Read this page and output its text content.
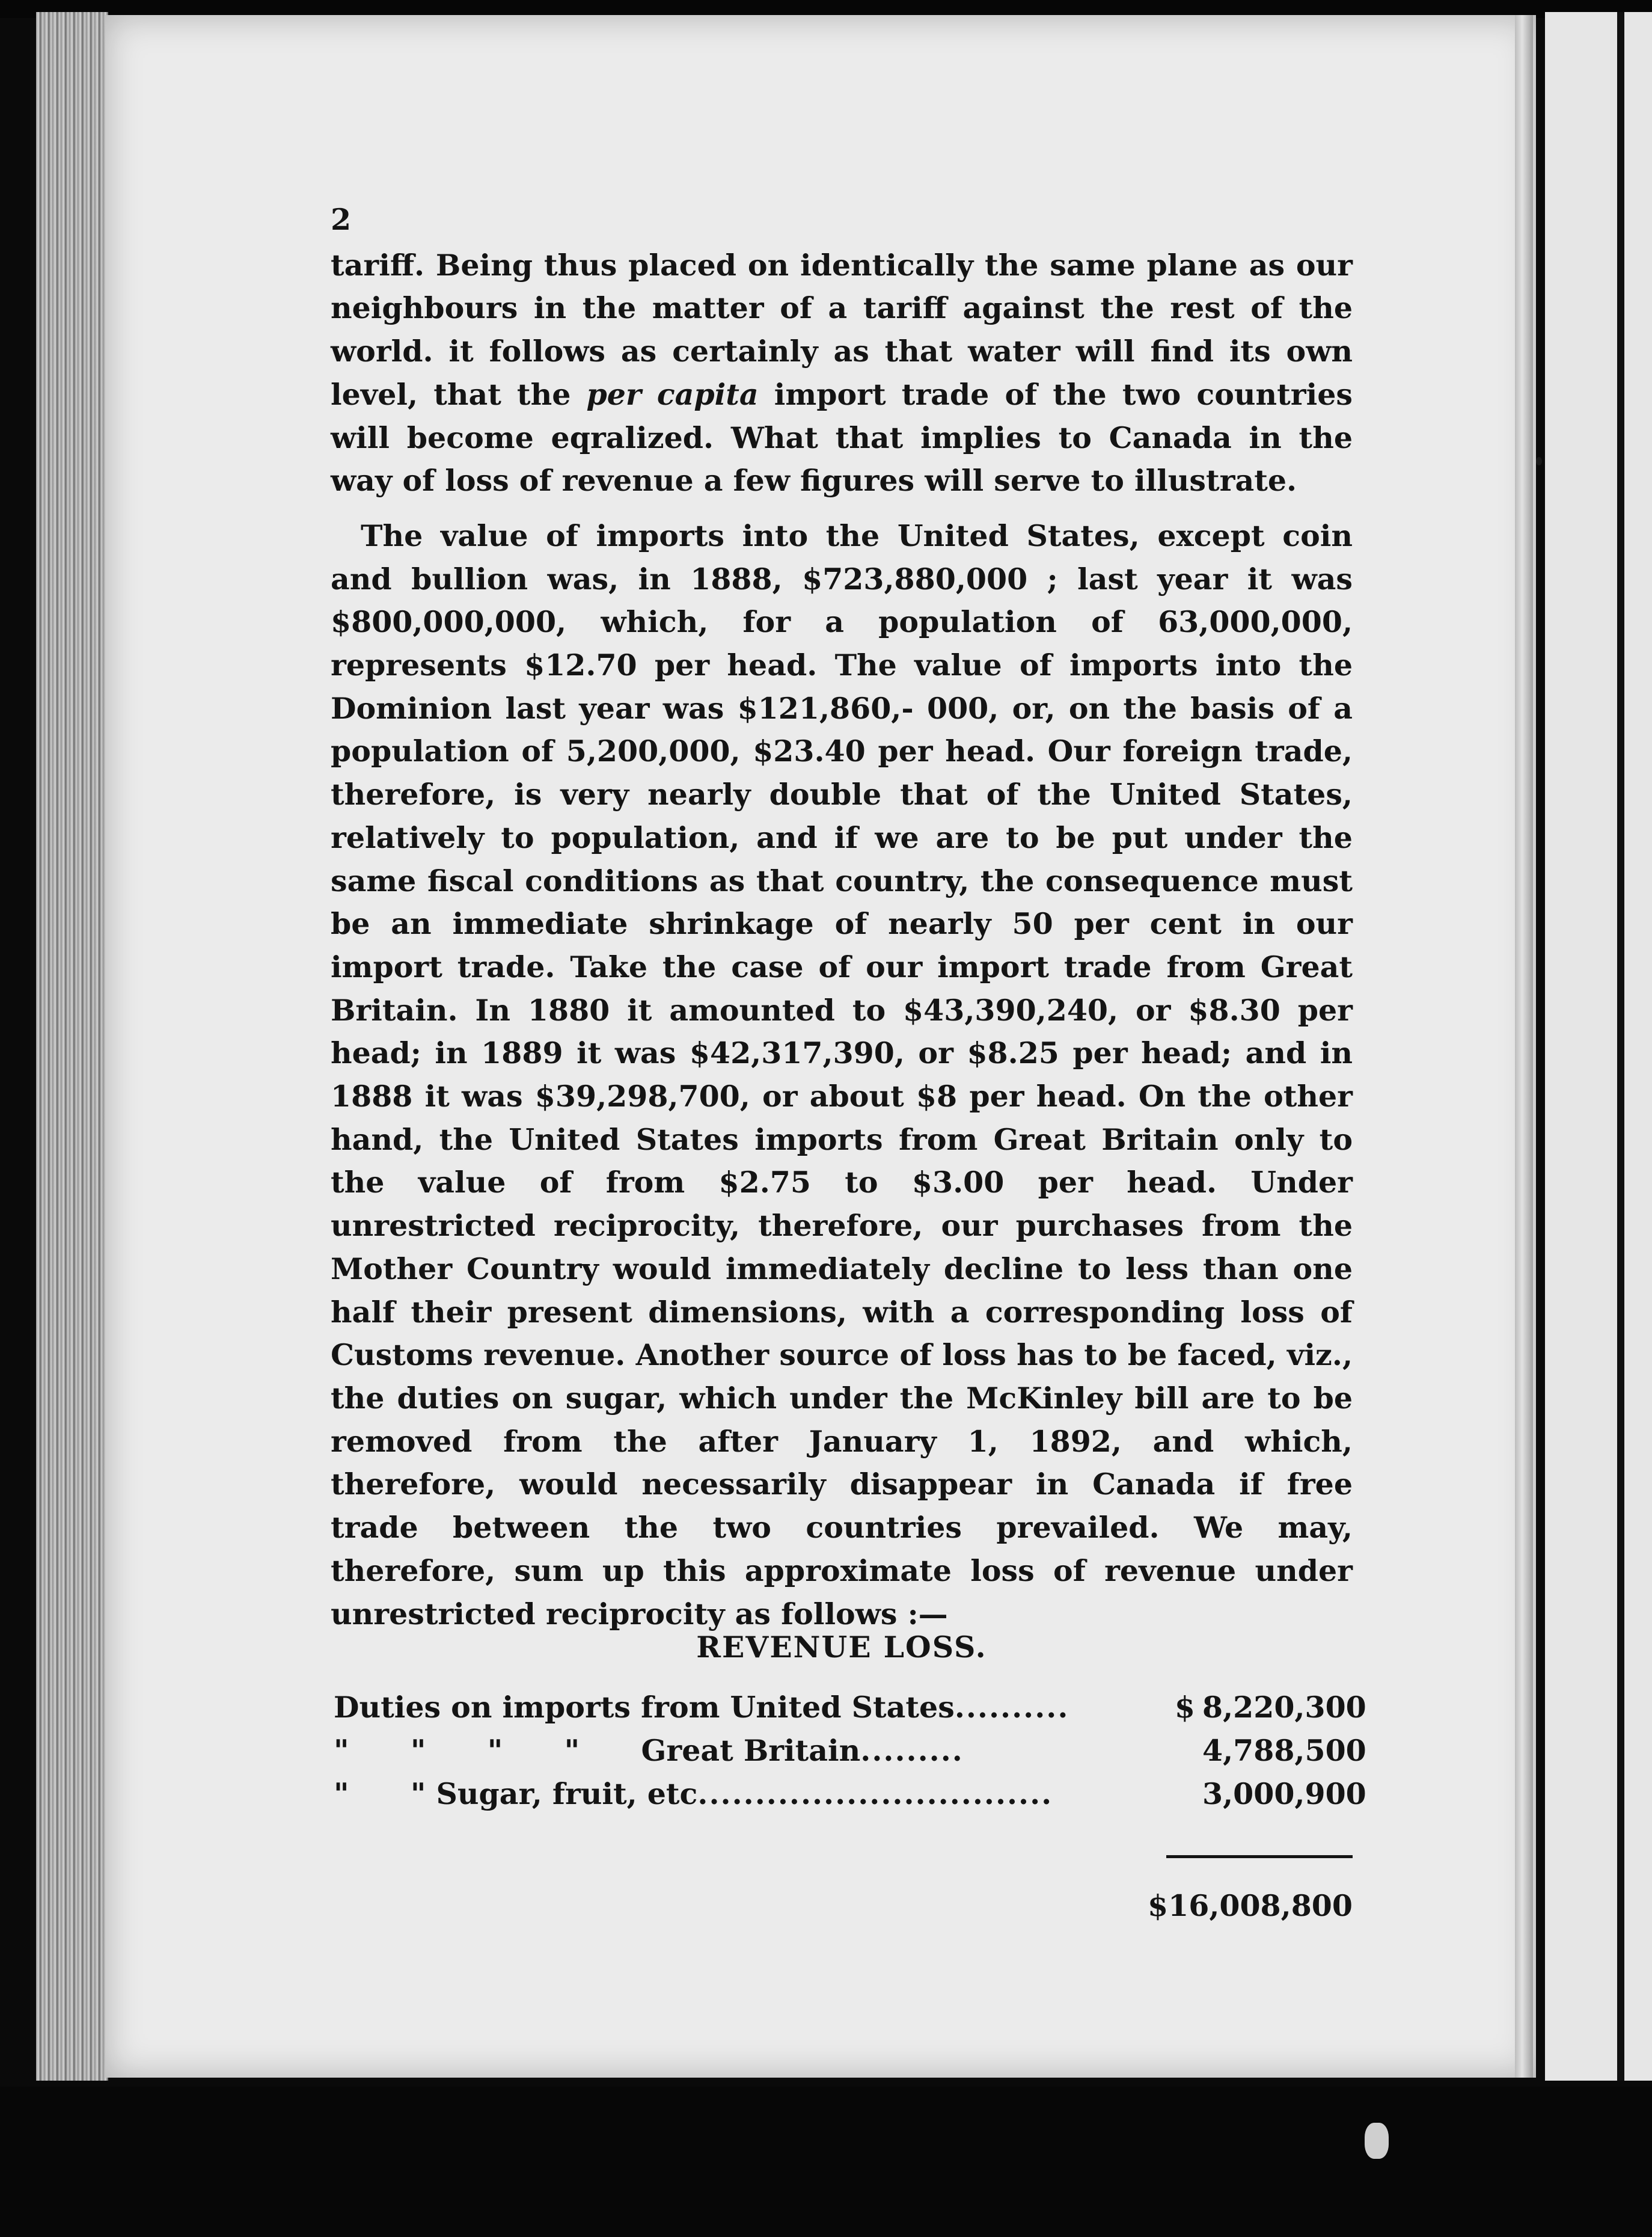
2

tariff. Being thus placed on identically the same plane as our neighbours in the matter of a tariff against the rest of the world. it follows as certainly as that water will find its own level, that the per capita import trade of the two countries will become eqralized. What that implies to Canada in the way of loss of revenue a few figures will serve to illustrate.

The value of imports into the United States, except coin and bullion was, in 1888, $723,880,000 ; last year it was $800,000,000, which, for a population of 63,000,000, represents $12.70 per head. The value of imports into the Dominion last year was $121,860,- 000, or, on the basis of a population of 5,200,000, $23.40 per head. Our foreign trade, therefore, is very nearly double that of the United States, relatively to population, and if we are to be put under the same fiscal conditions as that country, the consequence must be an immediate shrinkage of nearly 50 per cent in our import trade. Take the case of our import trade from Great Britain. In 1880 it amounted to $43,390,240, or $8.30 per head; in 1889 it was $42,317,390, or $8.25 per head; and in 1888 it was $39,298,700, or about $8 per head. On the other hand, the United States imports from Great Britain only to the value of from $2.75 to $3.00 per head. Under unrestricted reciprocity, therefore, our purchases from the Mother Country would immediately decline to less than one half their present dimensions, with a corresponding loss of Customs revenue. Another source of loss has to be faced, viz., the duties on sugar, which under the McKinley bill are to be removed from the after January 1, 1892, and which, therefore, would necessarily disappear in Canada if free trade between the two countries prevailed. We may, therefore, sum up this approximate loss of revenue under unrestricted reciprocity as follows :—

REVENUE LOSS.
Duties on imports from United States ..........	$ 8,220,300
"      "      "      "      Great Britain .........	4,788,500
"      " Sugar, fruit, etc ...............................	3,000,900
$16,008,800
